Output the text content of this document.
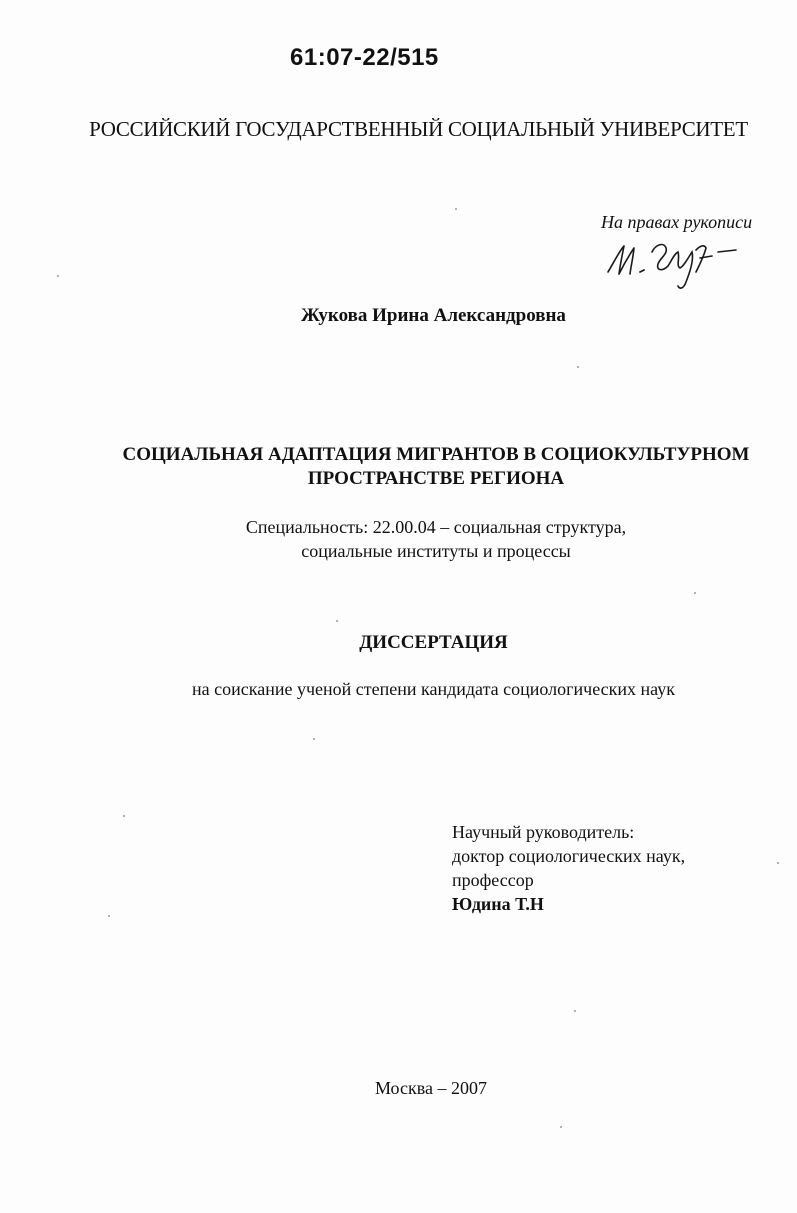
61:07-22/515
РОССИЙСКИЙ ГОСУДАРСТВЕННЫЙ СОЦИАЛЬНЫЙ УНИВЕРСИТЕТ
На правах рукописи
Жукова Ирина Александровна
СОЦИАЛЬНАЯ АДАПТАЦИЯ МИГРАНТОВ В СОЦИОКУЛЬТУРНОМ
ПРОСТРАНСТВЕ РЕГИОНА
Специальность: 22.00.04 – социальная структура,
социальные институты и процессы
ДИССЕРТАЦИЯ
на соискание ученой степени кандидата социологических наук
Научный руководитель:
доктор социологических наук,
профессор
Юдина Т.Н
Москва – 2007
